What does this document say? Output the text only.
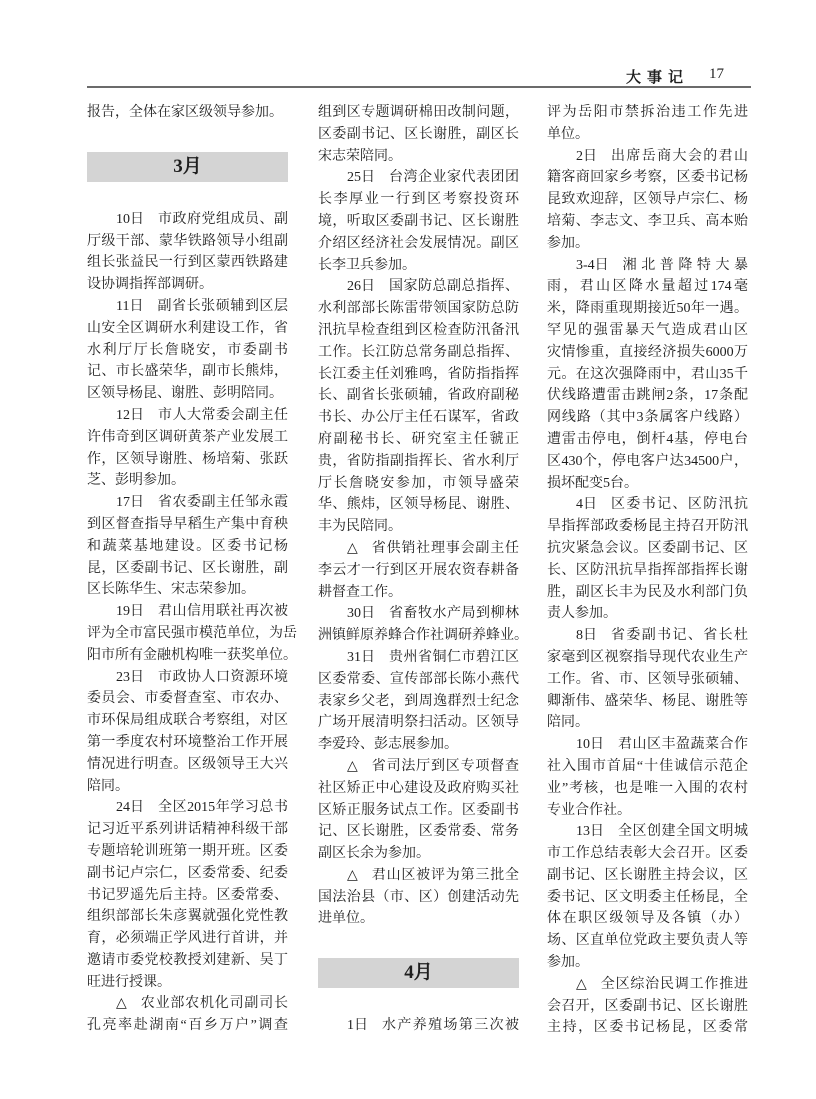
大事记 17
报告，全体在家区级领导参加。
3月
10日 市政府党组成员、副
厅级干部、蒙华铁路领导小组副
组长张益民一行到区蒙西铁路建
设协调指挥部调研。
11日 副省长张硕辅到区层
山安全区调研水利建设工作，省
水利厅厅长詹晓安，市委副书
记、市长盛荣华，副市长熊炜，
区领导杨昆、谢胜、彭明陪同。
12日 市人大常委会副主任
许伟奇到区调研黄茶产业发展工
作，区领导谢胜、杨培菊、张跃
芝、彭明参加。
17日 省农委副主任邹永霞
到区督查指导早稻生产集中育秧
和蔬菜基地建设。区委书记杨
昆，区委副书记、区长谢胜，副
区长陈华生、宋志荣参加。
19日 君山信用联社再次被
评为全市富民强市模范单位，为岳
阳市所有金融机构唯一获奖单位。
23日 市政协人口资源环境
委员会、市委督查室、市农办、
市环保局组成联合考察组，对区
第一季度农村环境整治工作开展
情况进行明查。区级领导王大兴
陪同。
24日 全区2015年学习总书
记习近平系列讲话精神科级干部
专题培轮训班第一期开班。区委
副书记卢宗仁，区委常委、纪委
书记罗遥先后主持。区委常委、
组织部部长朱彦翼就强化党性教
育，必须端正学风进行首讲，并
邀请市委党校教授刘建新、吴丁
旺进行授课。
△ 农业部农机化司副司长
孔亮率赴湖南“百乡万户”调查
组到区专题调研棉田改制问题，
区委副书记、区长谢胜，副区长
宋志荣陪同。
25日 台湾企业家代表团团
长李厚业一行到区考察投资环
境，听取区委副书记、区长谢胜
介绍区经济社会发展情况。副区
长李卫兵参加。
26日 国家防总副总指挥、
水利部部长陈雷带领国家防总防
汛抗旱检查组到区检查防汛备汛
工作。长江防总常务副总指挥、
长江委主任刘雅鸣，省防指指挥
长、副省长张硕辅，省政府副秘
书长、办公厅主任石谋军，省政
府副秘书长、研究室主任虢正
贵，省防指副指挥长、省水利厅
厅长詹晓安参加，市领导盛荣
华、熊炜，区领导杨昆、谢胜、
丰为民陪同。
△ 省供销社理事会副主任
李云才一行到区开展农资春耕备
耕督查工作。
30日 省畜牧水产局到柳林
洲镇鲜原养蜂合作社调研养蜂业。
31日 贵州省铜仁市碧江区
区委常委、宣传部部长陈小燕代
表家乡父老，到周逸群烈士纪念
广场开展清明祭扫活动。区领导
李爱玲、彭志展参加。
△ 省司法厅到区专项督查
社区矫正中心建设及政府购买社
区矫正服务试点工作。区委副书
记、区长谢胜，区委常委、常务
副区长余为参加。
△ 君山区被评为第三批全
国法治县（市、区）创建活动先
进单位。
4月
1日 水产养殖场第三次被
评为岳阳市禁拆治违工作先进
单位。
2日 出席岳商大会的君山
籍客商回家乡考察，区委书记杨
昆致欢迎辞，区领导卢宗仁、杨
培菊、李志文、李卫兵、高本贻
参加。
3-4日 湘北普降特大暴
雨，君山区降水量超过174毫
米，降雨重现期接近50年一遇。
罕见的强雷暴天气造成君山区
灾情惨重，直接经济损失6000万
元。在这次强降雨中，君山35千
伏线路遭雷击跳闸2条，17条配
网线路（其中3条属客户线路）
遭雷击停电，倒杆4基，停电台
区430个，停电客户达34500户，
损坏配变5台。
4日 区委书记、区防汛抗
旱指挥部政委杨昆主持召开防汛
抗灾紧急会议。区委副书记、区
长、区防汛抗旱指挥部指挥长谢
胜，副区长丰为民及水利部门负
责人参加。
8日 省委副书记、省长杜
家毫到区视察指导现代农业生产
工作。省、市、区领导张硕辅、
卿渐伟、盛荣华、杨昆、谢胜等
陪同。
10日 君山区丰盈蔬菜合作
社入围市首届“十佳诚信示范企
业”考核，也是唯一入围的农村
专业合作社。
13日 全区创建全国文明城
市工作总结表彰大会召开。区委
副书记、区长谢胜主持会议，区
委书记、区文明委主任杨昆，全
体在职区级领导及各镇（办）
场、区直单位党政主要负责人等
参加。
△ 全区综治民调工作推进
会召开，区委副书记、区长谢胜
主持，区委书记杨昆，区委常
